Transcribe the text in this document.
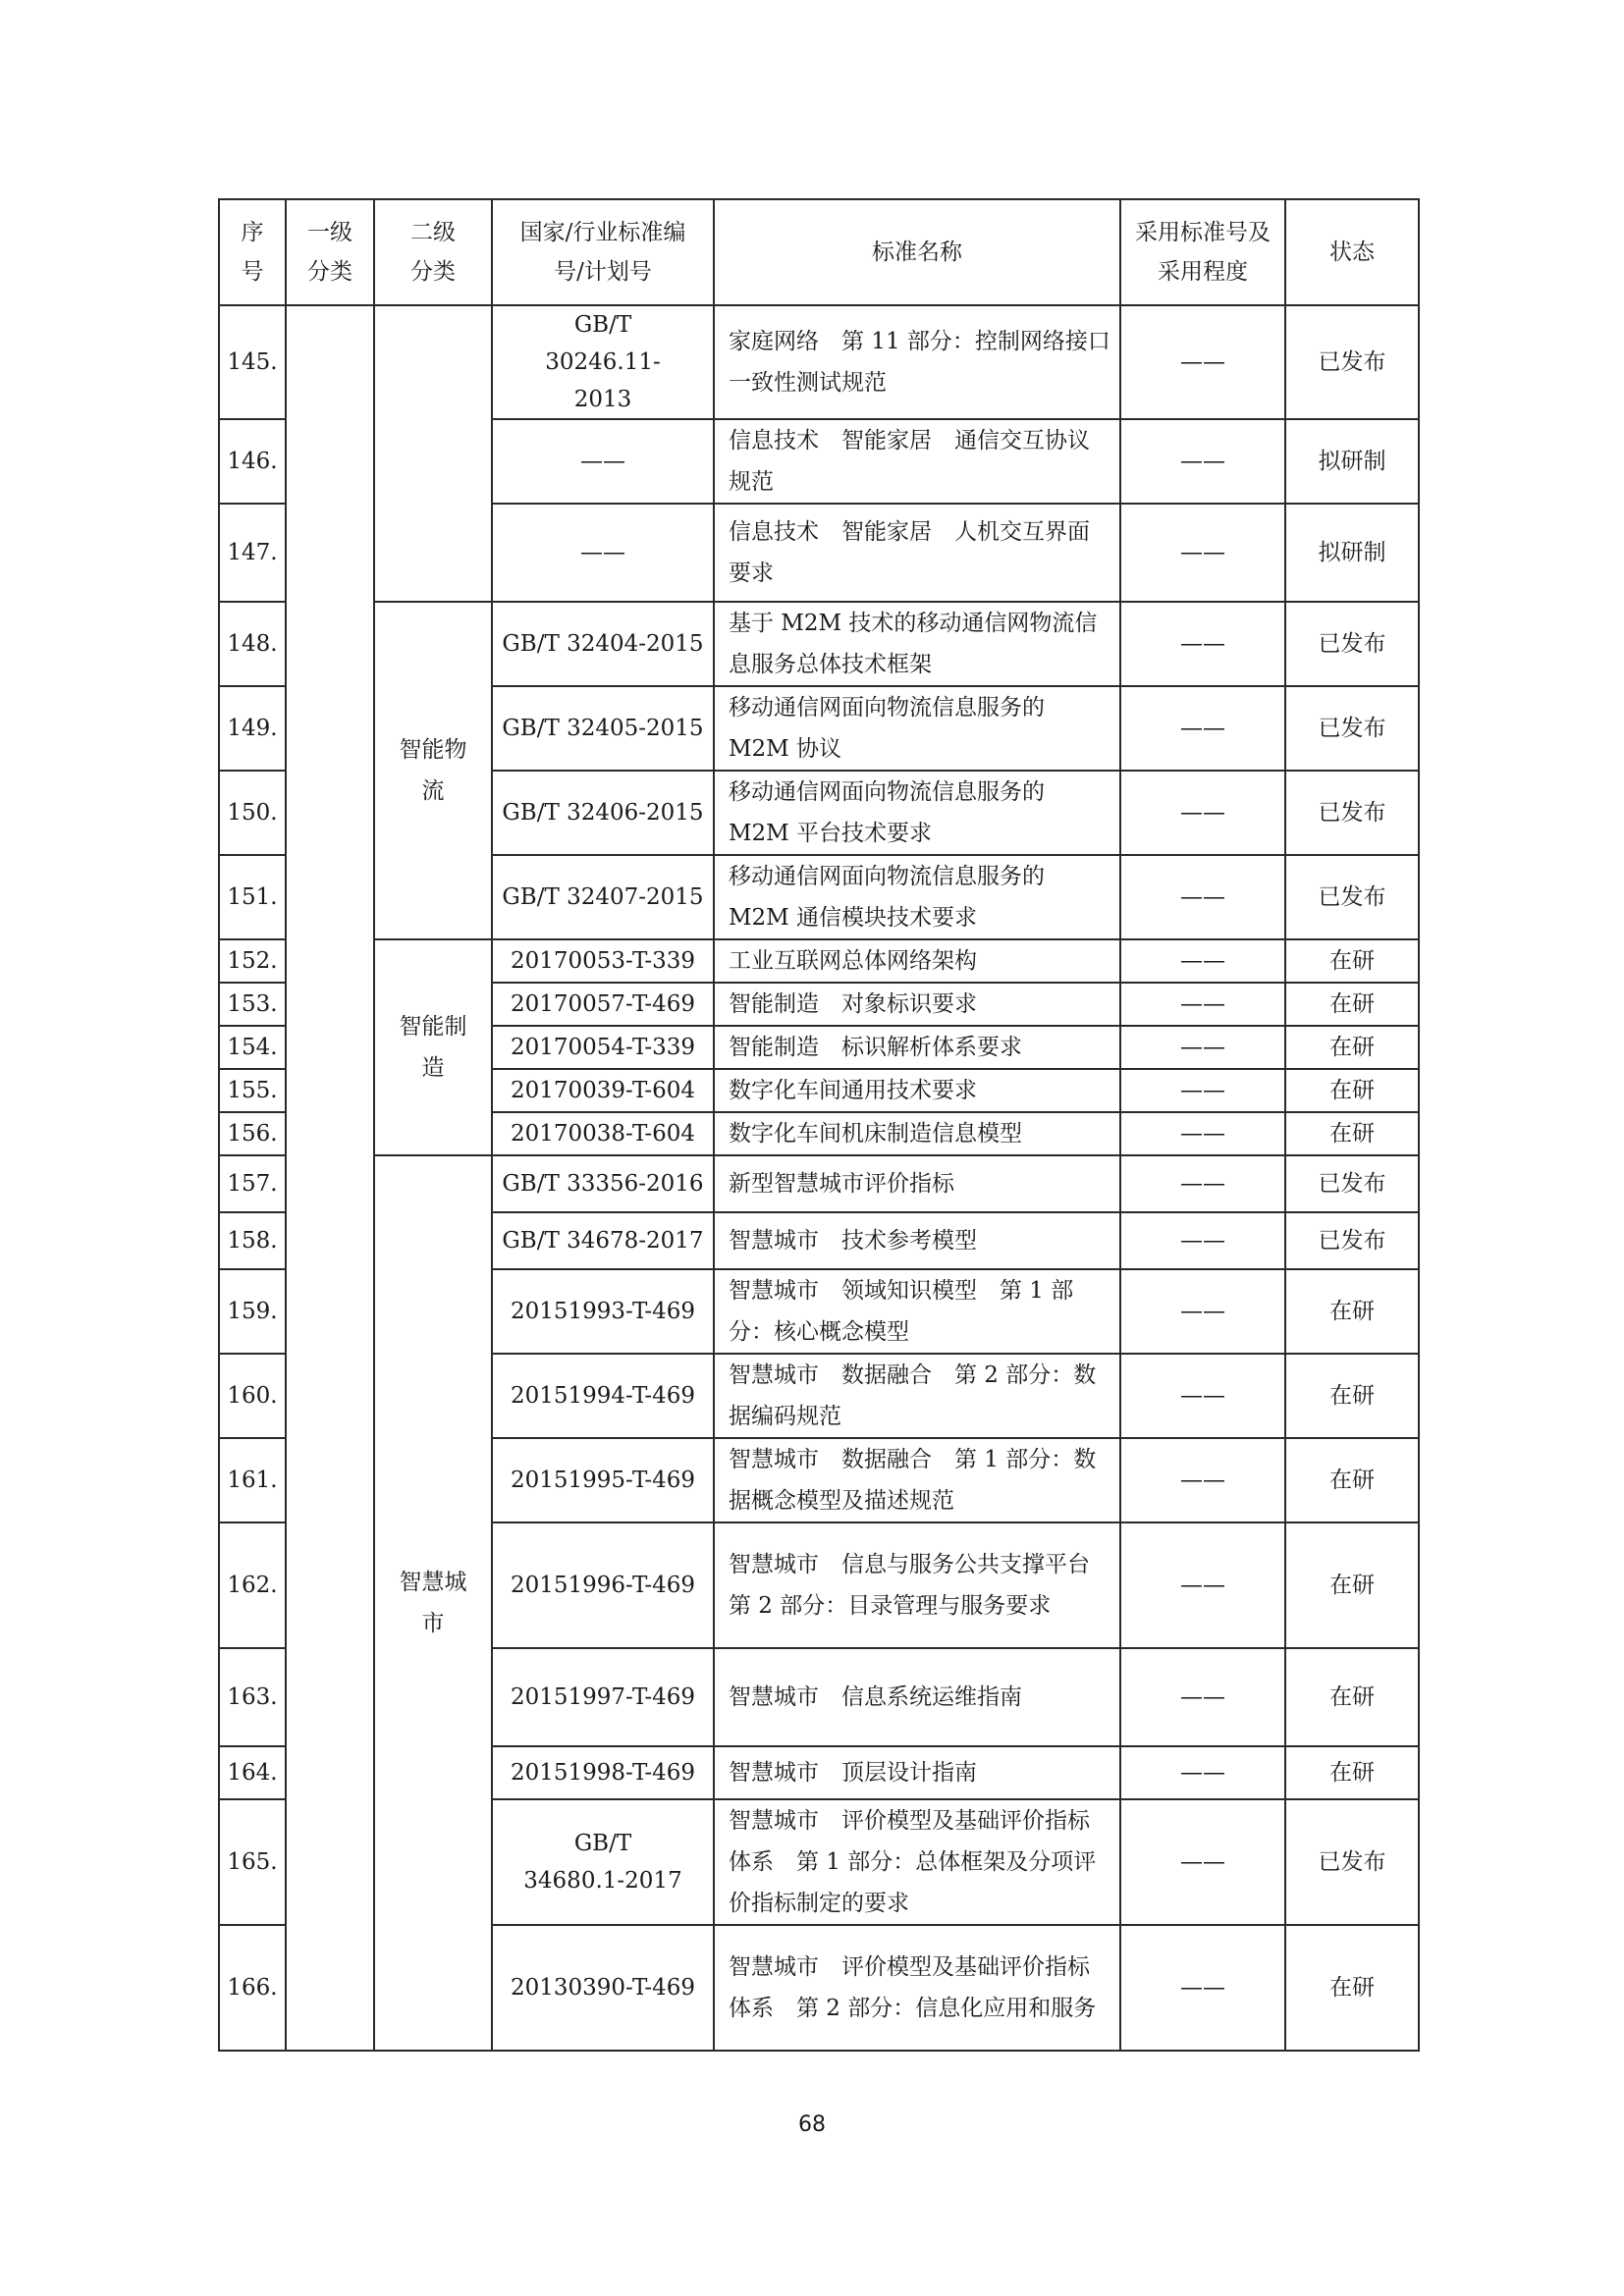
序号	一级分类	二级分类	国家/行业标准编号/计划号	标准名称	采用标准号及采用程度	状态
145.			GB/T 30246.11-2013	家庭网络　第 11 部分：控制网络接口一致性测试规范	——	已发布
146.			——	信息技术　智能家居　通信交互协议规范	——	拟研制
147.			——	信息技术　智能家居　人机交互界面要求	——	拟研制
148.		智能物流	GB/T 32404-2015	基于 M2M 技术的移动通信网物流信息服务总体技术框架	——	已发布
149.			GB/T 32405-2015	移动通信网面向物流信息服务的 M2M 协议	——	已发布
150.			GB/T 32406-2015	移动通信网面向物流信息服务的 M2M 平台技术要求	——	已发布
151.			GB/T 32407-2015	移动通信网面向物流信息服务的 M2M 通信模块技术要求	——	已发布
152.		智能制造	20170053-T-339	工业互联网总体网络架构	——	在研
153.			20170057-T-469	智能制造　对象标识要求	——	在研
154.			20170054-T-339	智能制造　标识解析体系要求	——	在研
155.			20170039-T-604	数字化车间通用技术要求	——	在研
156.			20170038-T-604	数字化车间机床制造信息模型	——	在研
157.		智慧城市	GB/T 33356-2016	新型智慧城市评价指标	——	已发布
158.			GB/T 34678-2017	智慧城市　技术参考模型	——	已发布
159.			20151993-T-469	智慧城市　领域知识模型　第 1 部分：核心概念模型	——	在研
160.			20151994-T-469	智慧城市　数据融合　第 2 部分：数据编码规范	——	在研
161.			20151995-T-469	智慧城市　数据融合　第 1 部分：数据概念模型及描述规范	——	在研
162.			20151996-T-469	智慧城市　信息与服务公共支撑平台　第 2 部分：目录管理与服务要求	——	在研
163.			20151997-T-469	智慧城市　信息系统运维指南	——	在研
164.			20151998-T-469	智慧城市　顶层设计指南	——	在研
165.			GB/T 34680.1-2017	智慧城市　评价模型及基础评价指标体系　第 1 部分：总体框架及分项评价指标制定的要求	——	已发布
166.			20130390-T-469	智慧城市　评价模型及基础评价指标体系　第 2 部分：信息化应用和服务	——	在研
68
